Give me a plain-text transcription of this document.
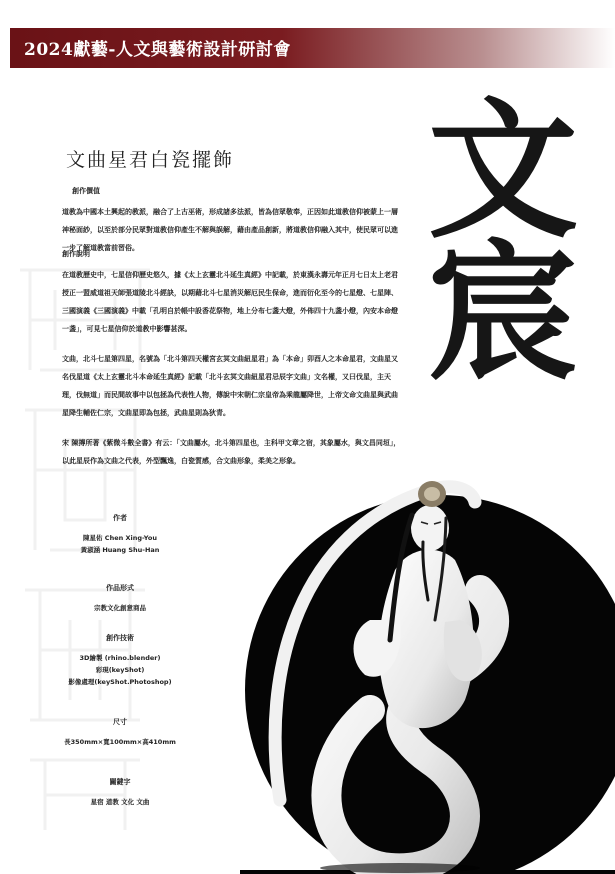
2024獻藝-人文與藝術設計研討會
文曲星君白瓷擺飾 文
宸
創作價值

道教為中國本土興起的教派，融合了上古巫術，形成諸多法派，皆為信眾敬奉，正因如此道教信仰被蒙上一層神秘面紗，以至於部分民眾對道教信仰產生不解與誤解，藉由產品創新，將道教信仰融入其中，使民眾可以進一步了解道教當前習俗。

創作說明

在道教歷史中，七星信仰歷史悠久，據《太上玄靈北斗延生真經》中記載，於東漢永壽元年正月七日太上老君授正一盟威道祖天師張道陵北斗經訣，以期藉北斗七星消災解厄民生保命，進而衍化至今的七星燈、七星陣、三國演義《三國演義》中載「孔明自於帳中設香花祭物，地上分布七盞大燈，外佈四十九盞小燈，內安本命燈一盞」，可見七星信仰於道教中影響甚深。

文曲，北斗七星第四星，名號為「北斗第四天權宮玄冥文曲紐星君」為「本命」卯酉人之本命星君，文曲星又名伐星道《太上玄靈北斗本命延生真經》記載「北斗玄冥文曲紐星君忌辰字文曲」文名權，又曰伐星，主天理，伐無道」而民間故事中以包拯為代表性人物，傳說中宋朝仁宗皇帝為乘龍屬降世，上帝文命文曲星與武曲星降生輔佐仁宗，文曲星即為包拯，武曲星則為狄青。

宋 陳摶所著《紫微斗數全書》有云：「文曲屬水，北斗第四星也，主科甲文章之宿，其象屬水，與文昌同垣」，以此星辰作為文曲之代表，外型飄逸，白瓷質感，合文曲形象，柔美之形象。

作者

陳星佑 Chen Xing-You

黃淑涵 Huang Shu-Han

作品形式

宗教文化創意商品

創作技術

3D繪製 (rhino.blender)

彩現(keyShot)

影像處理(keyShot.Photoshop)

尺寸

長350mm×寬100mm×高410mm

關鍵字

星宿 道教 文化 文曲
